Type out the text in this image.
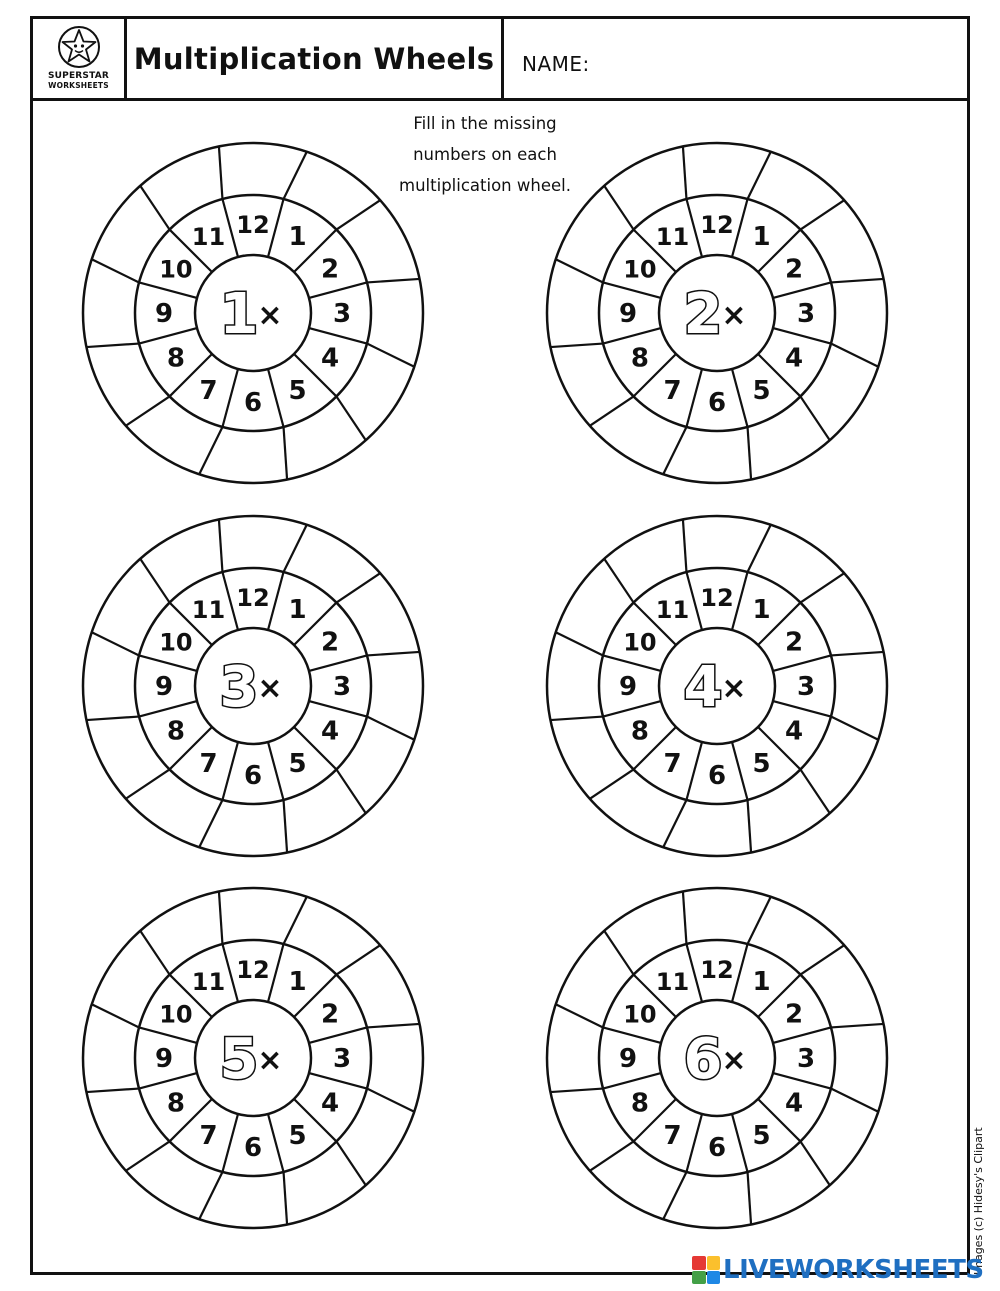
SUPERSTAR
WORKSHEETS
Multiplication Wheels NAME:
Fill in the missing
numbers on each
multiplication wheel.
1
2
3
4
5
6
7
8
9
10
11 12
1
×
1
2
3
4
5
6
7
8
9
10
11 12
2
×
1
2
3
4
5
6
7
8
9
10
11 12
3
×
1
2
3
4
5
6
7
8
9
10
11 12
4
×
1
2
3
4
5
6
7
8
9
10
11 12
5
×
1
2
3
4
5
6
7
8
9
10
11 12
6
×
Images (c) Hidesy's Clipart
LIVEWORKSHEETS
